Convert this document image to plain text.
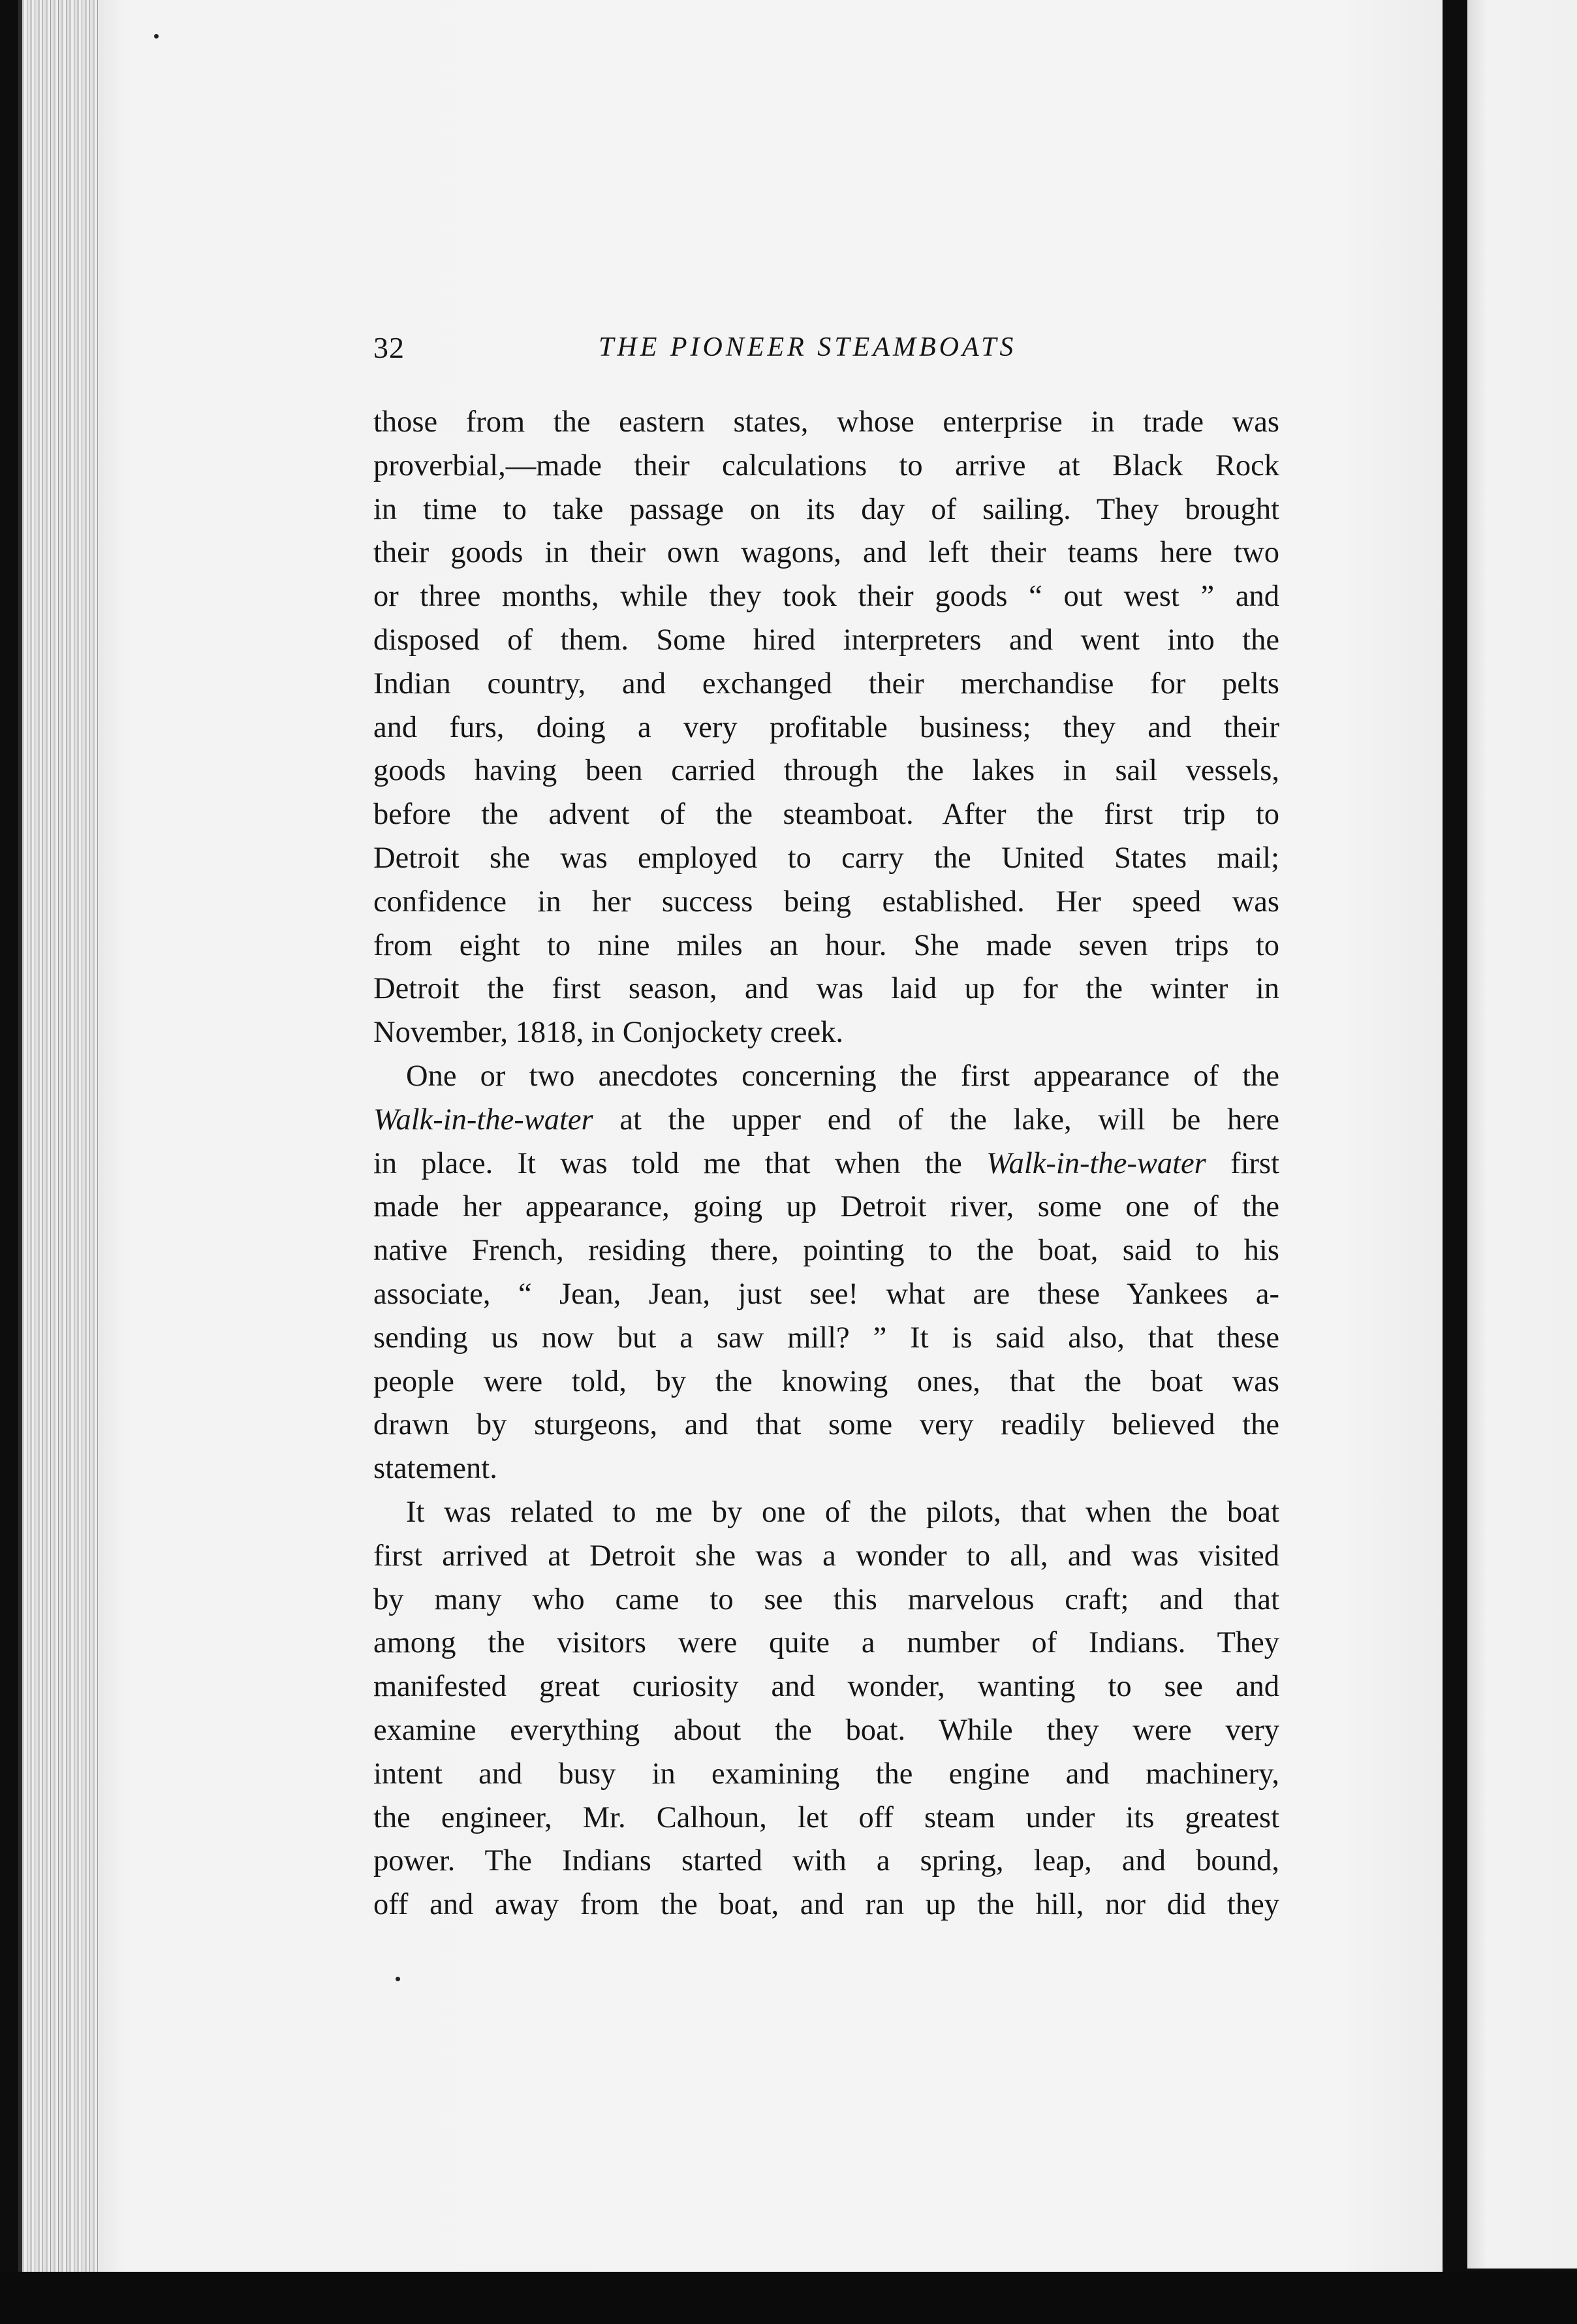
32	THE PIONEER STEAMBOATS

those from the eastern states, whose enterprise in trade was

proverbial,—made their calculations to arrive at Black Rock

in time to take passage on its day of sailing. They brought

their goods in their own wagons, and left their teams here two

or three months, while they took their goods “ out west ” and

disposed of them. Some hired interpreters and went into the

Indian country, and exchanged their merchandise for pelts

and furs, doing a very profitable business; they and their

goods having been carried through the lakes in sail vessels,

before the advent of the steamboat. After the first trip to

Detroit she was employed to carry the United States mail;

confidence in her success being established. Her speed was

from eight to nine miles an hour. She made seven trips to

Detroit the first season, and was laid up for the winter in

November, 1818, in Conjockety creek.

One or two anecdotes concerning the first appearance of the

Walk-in-the-water at the upper end of the lake, will be here

in place. It was told me that when the Walk-in-the-water first

made her appearance, going up Detroit river, some one of the

native French, residing there, pointing to the boat, said to his

associate, “ Jean, Jean, just see! what are these Yankees a-

sending us now but a saw mill? ” It is said also, that these

people were told, by the knowing ones, that the boat was

drawn by sturgeons, and that some very readily believed the

statement.

It was related to me by one of the pilots, that when the boat

first arrived at Detroit she was a wonder to all, and was visited

by many who came to see this marvelous craft; and that

among the visitors were quite a number of Indians. They

manifested great curiosity and wonder, wanting to see and

examine everything about the boat. While they were very

intent and busy in examining the engine and machinery,

the engineer, Mr. Calhoun, let off steam under its greatest

power. The Indians started with a spring, leap, and bound,

off and away from the boat, and ran up the hill, nor did they
